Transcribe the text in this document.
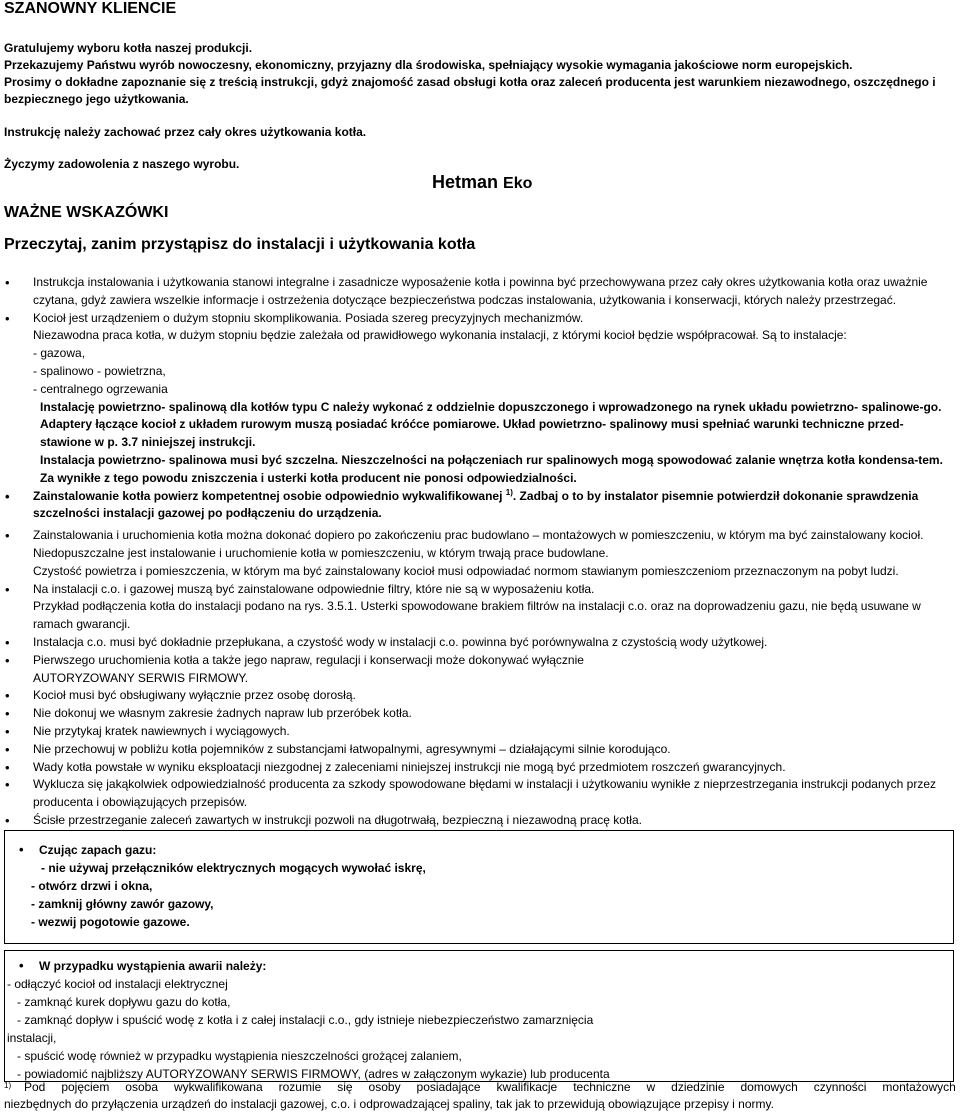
SZANOWNY KLIENCIE
Gratulujemy wyboru kotła naszej produkcji.
Przekazujemy Państwu wyrób nowoczesny, ekonomiczny, przyjazny dla środowiska, spełniający wysokie wymagania jakościowe norm europejskich.
Prosimy o dokładne zapoznanie się z treścią instrukcji, gdyż znajomość zasad obsługi kotła oraz zaleceń producenta jest warunkiem niezawodnego, oszczędnego i bezpiecznego jego użytkowania.
Instrukcję należy zachować przez cały okres użytkowania kotła.
Życzymy zadowolenia z naszego wyrobu.
Hetman Eko
WAŻNE WSKAZÓWKI
Przeczytaj, zanim przystąpisz do instalacji i użytkowania kotła
• Instrukcja instalowania i użytkowania stanowi integralne i zasadnicze wyposażenie kotła i powinna być przechowywana przez cały okres użytkowania kotła oraz uważnie czytana, gdyż zawiera wszelkie informacje i ostrzeżenia dotyczące bezpieczeństwa podczas instalowania, użytkowania i konserwacji, których należy przestrzegać.
• Kocioł jest urządzeniem o dużym stopniu skomplikowania. Posiada szereg precyzyjnych mechanizmów.
Niezawodna praca kotła, w dużym stopniu będzie zależała od prawidłowego wykonania instalacji, z którymi kocioł będzie współpracował. Są to instalacje:
- gazowa,
- spalinowo - powietrzna,
- centralnego ogrzewania
Instalację powietrzno- spalinową dla kotłów typu C należy wykonać z oddzielnie dopuszczonego i wprowadzonego na rynek układu powietrzno- spalinowe-go. Adaptery łączące kocioł z układem rurowym muszą posiadać króćce pomiarowe. Układ powietrzno- spalinowy musi spełniać warunki techniczne przed-stawione w p. 3.7 niniejszej instrukcji.
Instalacja powietrzno- spalinowa musi być szczelna. Nieszczelności na połączeniach rur spalinowych mogą spowodować zalanie wnętrza kotła kondensa-tem. Za wynikłe z tego powodu zniszczenia i usterki kotła producent nie ponosi odpowiedzialności.
• Zainstalowanie kotła powierz kompetentnej osobie odpowiednio wykwalifikowanej $^{1)}$. Zadbaj o to by instalator pisemnie potwierdził dokonanie sprawdzenia szczelności instalacji gazowej po podłączeniu do urządzenia.
• Zainstalowania i uruchomienia kotła można dokonać dopiero po zakończeniu prac budowlano – montażowych w pomieszczeniu, w którym ma być zainstalowany kocioł.
Niedopuszczalne jest instalowanie i uruchomienie kotła w pomieszczeniu, w którym trwają prace budowlane.
Czystość powietrza i pomieszczenia, w którym ma być zainstalowany kocioł musi odpowiadać normom stawianym pomieszczeniom przeznaczonym na pobyt ludzi.
• Na instalacji c.o. i gazowej muszą być zainstalowane odpowiednie filtry, które nie są w wyposażeniu kotła.
Przykład podłączenia kotła do instalacji podano na rys. 3.5.1. Usterki spowodowane brakiem filtrów na instalacji c.o. oraz na doprowadzeniu gazu, nie będą usuwane w ramach gwarancji.
• Instalacja c.o. musi być dokładnie przepłukana, a czystość wody w instalacji c.o. powinna być porównywalna z czystością wody użytkowej.
• Pierwszego uruchomienia kotła a także jego napraw, regulacji i konserwacji może dokonywać wyłącznie
AUTORYZOWANY SERWIS FIRMOWY.
• Kocioł musi być obsługiwany wyłącznie przez osobę dorosłą.
• Nie dokonuj we własnym zakresie żadnych napraw lub przeróbek kotła.
• Nie przytykaj kratek nawiewnych i wyciągowych.
• Nie przechowuj w pobliżu kotła pojemników z substancjami łatwopalnymi, agresywnymi – działającymi silnie korodująco.
• Wady kotła powstałe w wyniku eksploatacji niezgodnej z zaleceniami niniejszej instrukcji nie mogą być przedmiotem roszczeń gwarancyjnych.
• Wyklucza się jakąkolwiek odpowiedzialność producenta za szkody spowodowane błędami w instalacji i użytkowaniu wynikłe z nieprzestrzegania instrukcji podanych przez producenta i obowiązujących przepisów.
• Ścisłe przestrzeganie zaleceń zawartych w instrukcji pozwoli na długotrwałą, bezpieczną i niezawodną pracę kotła.
• Czując zapach gazu:
- nie używaj przełączników elektrycznych mogących wywołać iskrę,
- otwórz drzwi i okna,
- zamknij główny zawór gazowy,
- wezwij pogotowie gazowe.
• W przypadku wystąpienia awarii należy:
- odłączyć kocioł od instalacji elektrycznej
- zamknąć kurek dopływu gazu do kotła,
- zamknąć dopływ i spuścić wodę z kotła i z całej instalacji c.o., gdy istnieje niebezpieczeństwo zamarznięcia
instalacji,
- spuścić wodę również w przypadku wystąpienia nieszczelności grożącej zalaniem,
- powiadomić najbliższy AUTORYZOWANY SERWIS FIRMOWY, (adres w załączonym wykazie) lub producenta
1) Pod pojęciem osoba wykwalifikowana rozumie się osoby posiadające kwalifikacje techniczne w dziedzinie domowych czynności montażowych
niezbędnych do przyłączenia urządzeń do instalacji gazowej, c.o. i odprowadzającej spaliny, tak jak to przewidują obowiązujące przepisy i normy.
